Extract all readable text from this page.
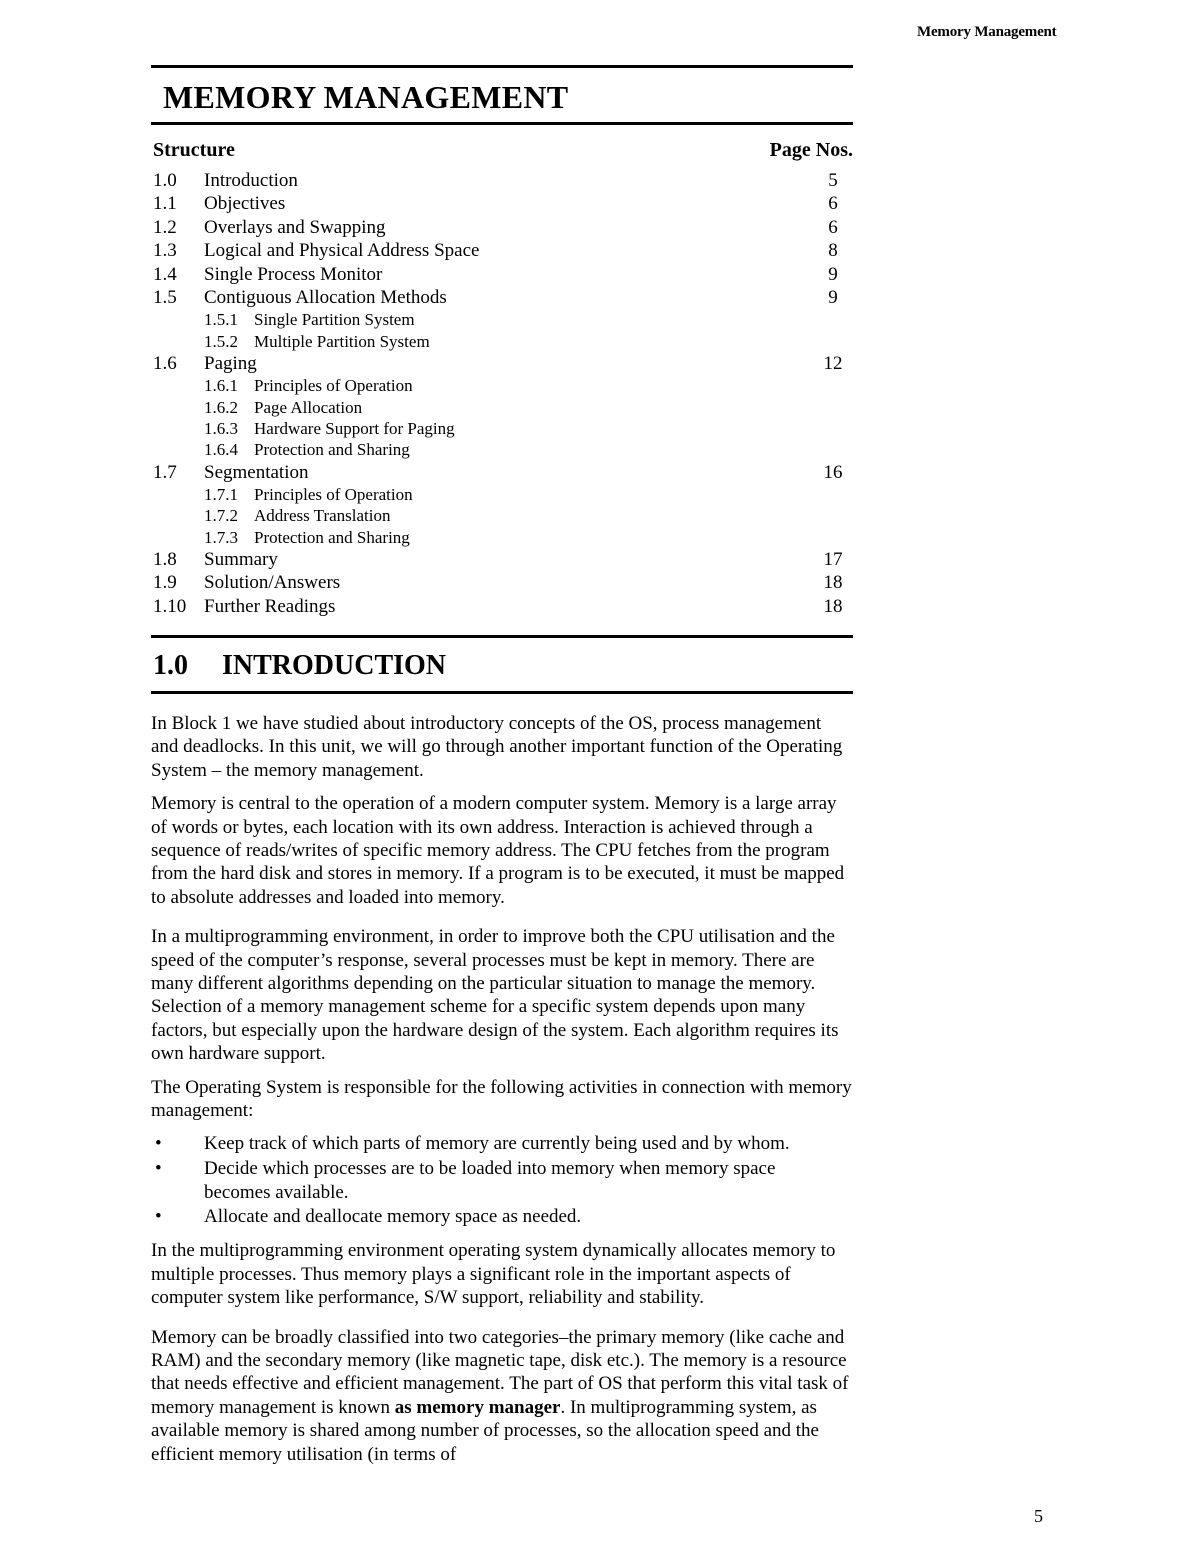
Memory Management
MEMORY MANAGEMENT
Structure	Page Nos.
1.0	Introduction	5
1.1	Objectives	6
1.2	Overlays and Swapping	6
1.3	Logical and Physical Address Space	8
1.4	Single Process Monitor	9
1.5	Contiguous Allocation Methods	9
1.5.1 Single Partition System
1.5.2 Multiple Partition System
1.6	Paging	12
1.6.1 Principles of Operation
1.6.2 Page Allocation
1.6.3 Hardware Support for Paging
1.6.4 Protection and Sharing
1.7	Segmentation	16
1.7.1 Principles of Operation
1.7.2 Address Translation
1.7.3 Protection and Sharing
1.8	Summary	17
1.9	Solution/Answers	18
1.10 Further Readings	18
1.0	INTRODUCTION

In Block 1 we have studied about introductory concepts of the OS, process management and deadlocks. In this unit, we will go through another important function of the Operating System – the memory management.

Memory is central to the operation of a modern computer system. Memory is a large array of words or bytes, each location with its own address. Interaction is achieved through a sequence of reads/writes of specific memory address. The CPU fetches from the program from the hard disk and stores in memory. If a program is to be executed, it must be mapped to absolute addresses and loaded into memory.

In a multiprogramming environment, in order to improve both the CPU utilisation and the speed of the computer’s response, several processes must be kept in memory. There are many different algorithms depending on the particular situation to manage the memory. Selection of a memory management scheme for a specific system depends upon many factors, but especially upon the hardware design of the system. Each algorithm requires its own hardware support.

The Operating System is responsible for the following activities in connection with memory management:

•	Keep track of which parts of memory are currently being used and by whom.
•	Decide which processes are to be loaded into memory when memory space becomes available.
•	Allocate and deallocate memory space as needed.

In the multiprogramming environment operating system dynamically allocates memory to multiple processes. Thus memory plays a significant role in the important aspects of computer system like performance, S/W support, reliability and stability.

Memory can be broadly classified into two categories–the primary memory (like cache and RAM) and the secondary memory (like magnetic tape, disk etc.). The memory is a resource that needs effective and efficient management. The part of OS that perform this vital task of memory management is known as memory manager. In multiprogramming system, as available memory is shared among number of processes, so the allocation speed and the efficient memory utilisation (in terms of

5
